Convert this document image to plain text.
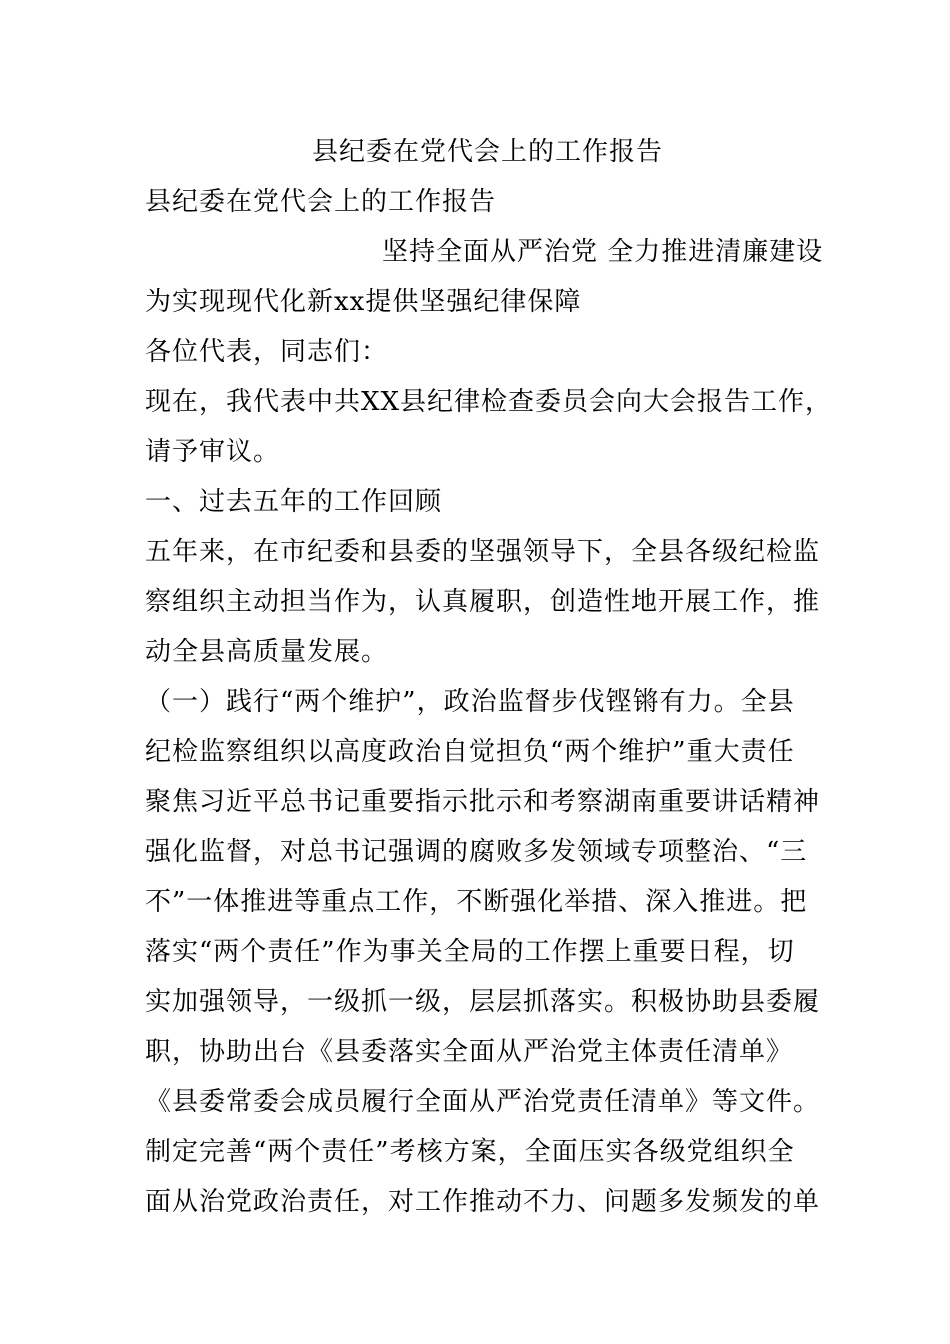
县纪委在党代会上的工作报告
县纪委在党代会上的工作报告
坚持全面从严治党 全力推进清廉建设
为实现现代化新xx提供坚强纪律保障
各位代表，同志们：
现在，我代表中共XX县纪律检查委员会向大会报告工作，
请予审议。
一、过去五年的工作回顾
五年来，在市纪委和县委的坚强领导下，全县各级纪检监
察组织主动担当作为，认真履职，创造性地开展工作，推
动全县高质量发展。
（一）践行“两个维护”，政治监督步伐铿锵有力。全县
纪检监察组织以高度政治自觉担负“两个维护”重大责任
聚焦习近平总书记重要指示批示和考察湖南重要讲话精神
强化监督，对总书记强调的腐败多发领域专项整治、“三
不”一体推进等重点工作，不断强化举措、深入推进。把
落实“两个责任”作为事关全局的工作摆上重要日程，切
实加强领导，一级抓一级，层层抓落实。积极协助县委履
职，协助出台《县委落实全面从严治党主体责任清单》
《县委常委会成员履行全面从严治党责任清单》等文件。
制定完善“两个责任”考核方案，全面压实各级党组织全
面从治党政治责任，对工作推动不力、问题多发频发的单
